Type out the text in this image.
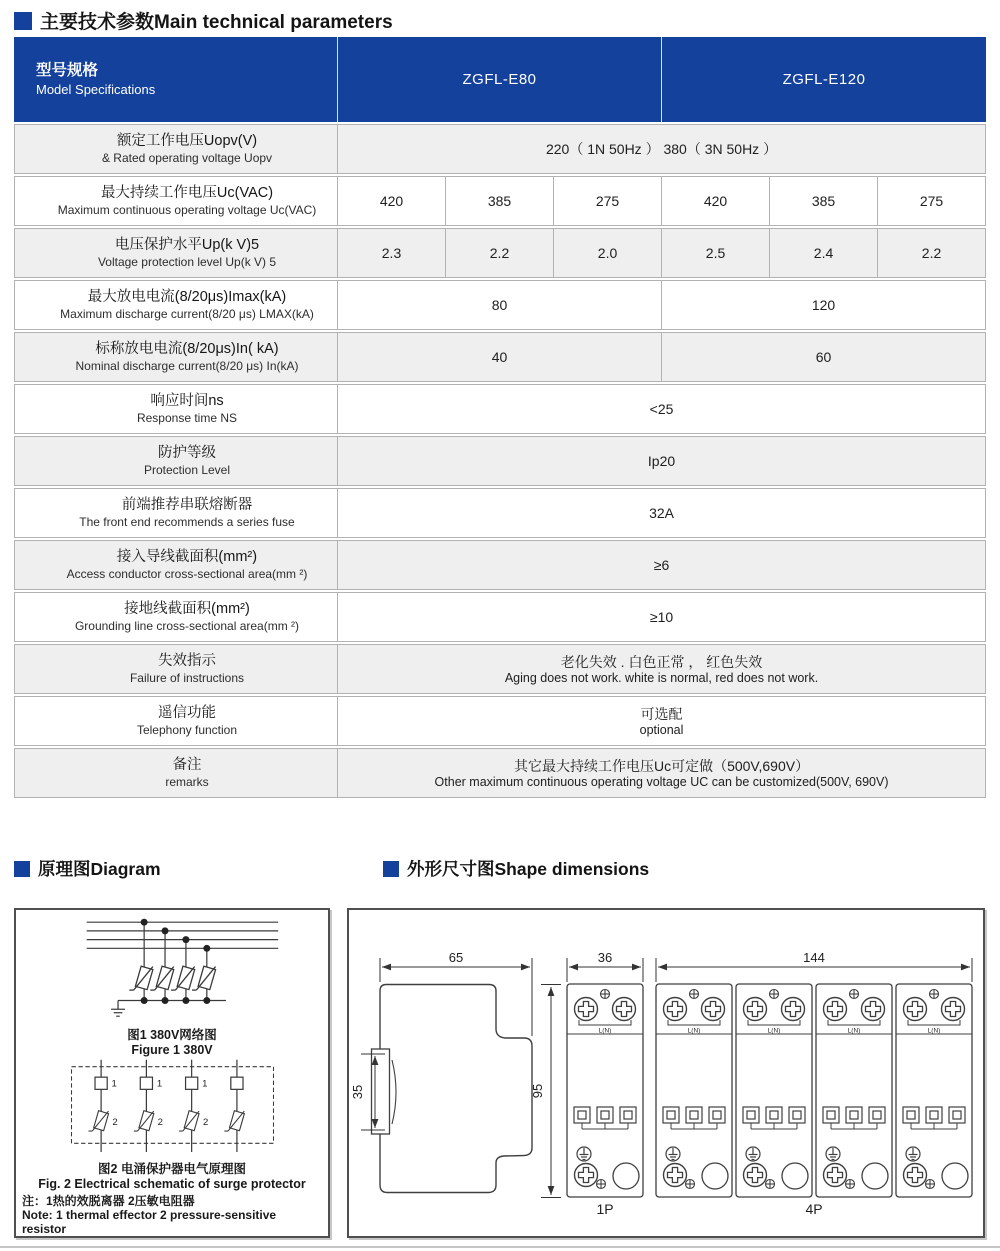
主要技术参数Main technical parameters
型号规格
Model Specifications	ZGFL-E80			ZGFL-E120		

额定工作电压Uopv(V)
& Rated operating voltage Uopv	220（ 1N 50Hz ） 380（ 3N 50Hz ）					

最大持续工作电压Uc(VAC)
Maximum continuous operating voltage Uc(VAC)	420	385	275	420	385	275

电压保护水平Up(k V)5
Voltage protection level Up(k V) 5	2.3	2.2	2.0	2.5	2.4	2.2

最大放电电流(8/20μs)Imax(kA)
Maximum discharge current(8/20 μs) LMAX(kA)	80			120		

标称放电电流(8/20μs)In( kA)
Nominal discharge current(8/20 μs) In(kA)	40			60		

响应时间ns
Response time NS	<25					

防护等级
Protection Level	Ip20					

前端推荐串联熔断器
The front end recommends a series fuse	32A					

接入导线截面积(mm²)
Access conductor cross-sectional area(mm ²)	≥6					

接地线截面积(mm²)
Grounding line cross-sectional area(mm ²)	≥10					

失效指示
Failure of instructions	老化失效 . 白色正常 ， 红色失效
Aging does not work. white is normal, red does not work.					

遥信功能
Telephony function	可选配
optional					

备注
remarks	其它最大持续工作电压Uc可定做（500V,690V）
Other maximum continuous operating voltage UC can be customized(500V, 690V)					
原理图Diagram	外形尺寸图Shape dimensions
图1 380V网络图
Figure 1 380V
1	1	1
2	2	2
图2 电涌保护器电气原理图
Fig. 2 Electrical schematic of surge protector
注：1热的效脱离器 2压敏电阻器
Note: 1 thermal effector 2 pressure-sensitive resistor
L(N)	65	36	144
95
35
1P	4P
